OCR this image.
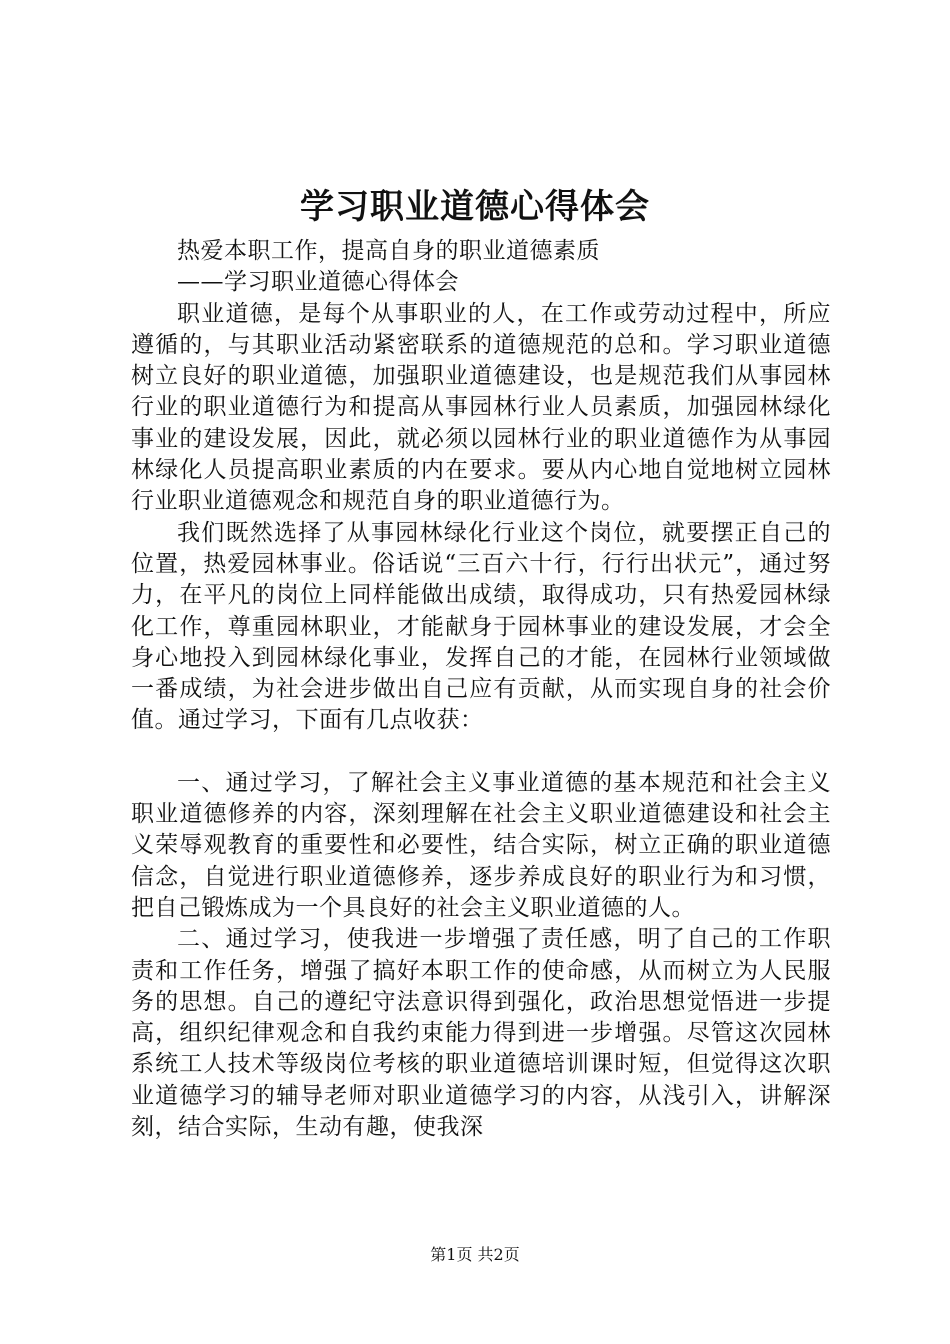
学习职业道德心得体会

热爱本职工作，提高自身的职业道德素质

——学习职业道德心得体会

职业道德，是每个从事职业的人，在工作或劳动过程中，所应遵循的，与其职业活动紧密联系的道德规范的总和。学习职业道德树立良好的职业道德，加强职业道德建设，也是规范我们从事园林行业的职业道德行为和提高从事园林行业人员素质，加强园林绿化事业的建设发展，因此，就必须以园林行业的职业道德作为从事园林绿化人员提高职业素质的内在要求。要从内心地自觉地树立园林行业职业道德观念和规范自身的职业道德行为。

我们既然选择了从事园林绿化行业这个岗位，就要摆正自己的位置，热爱园林事业。俗话说“三百六十行，行行出状元”，通过努力，在平凡的岗位上同样能做出成绩，取得成功，只有热爱园林绿化工作，尊重园林职业，才能献身于园林事业的建设发展，才会全身心地投入到园林绿化事业，发挥自己的才能，在园林行业领域做一番成绩，为社会进步做出自己应有贡献，从而实现自身的社会价值。通过学习，下面有几点收获：

一、通过学习，了解社会主义事业道德的基本规范和社会主义职业道德修养的内容，深刻理解在社会主义职业道德建设和社会主义荣辱观教育的重要性和必要性，结合实际，树立正确的职业道德信念，自觉进行职业道德修养，逐步养成良好的职业行为和习惯，把自己锻炼成为一个具良好的社会主义职业道德的人。

二、通过学习，使我进一步增强了责任感，明了自己的工作职责和工作任务，增强了搞好本职工作的使命感，从而树立为人民服务的思想。自己的遵纪守法意识得到强化，政治思想觉悟进一步提高，组织纪律观念和自我约束能力得到进一步增强。尽管这次园林系统工人技术等级岗位考核的职业道德培训课时短，但觉得这次职业道德学习的辅导老师对职业道德学习的内容，从浅引入，讲解深刻，结合实际，生动有趣，使我深

第1页 共2页
